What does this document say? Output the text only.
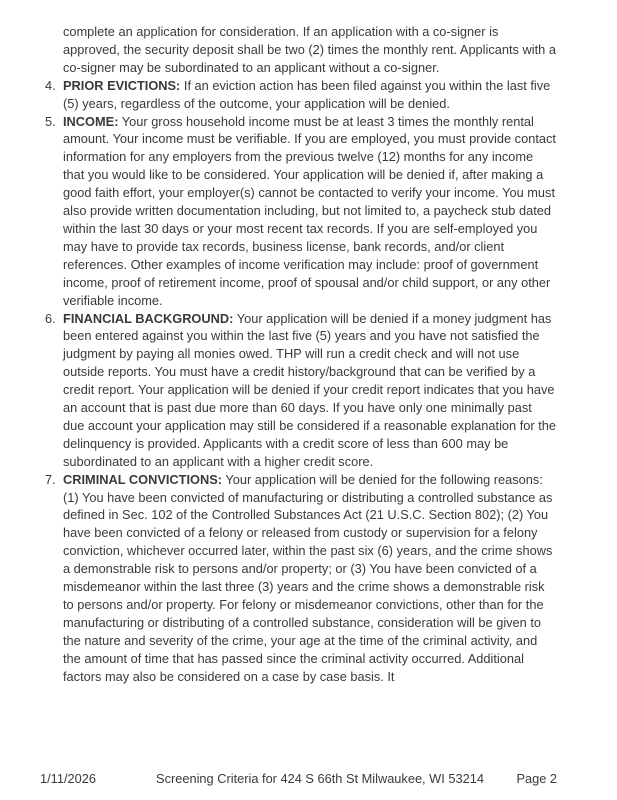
complete an application for consideration. If an application with a co-signer is approved, the security deposit shall be two (2) times the monthly rent. Applicants with a co-signer may be subordinated to an applicant without a co-signer.

4. PRIOR EVICTIONS: If an eviction action has been filed against you within the last five (5) years, regardless of the outcome, your application will be denied.
5. INCOME: Your gross household income must be at least 3 times the monthly rental amount. Your income must be verifiable. If you are employed, you must provide contact information for any employers from the previous twelve (12) months for any income that you would like to be considered. Your application will be denied if, after making a good faith effort, your employer(s) cannot be contacted to verify your income. You must also provide written documentation including, but not limited to, a paycheck stub dated within the last 30 days or your most recent tax records. If you are self-employed you may have to provide tax records, business license, bank records, and/or client references. Other examples of income verification may include: proof of government income, proof of retirement income, proof of spousal and/or child support, or any other verifiable income.
6. FINANCIAL BACKGROUND: Your application will be denied if a money judgment has been entered against you within the last five (5) years and you have not satisfied the judgment by paying all monies owed. THP will run a credit check and will not use outside reports. You must have a credit history/background that can be verified by a credit report. Your application will be denied if your credit report indicates that you have an account that is past due more than 60 days. If you have only one minimally past due account your application may still be considered if a reasonable explanation for the delinquency is provided. Applicants with a credit score of less than 600 may be subordinated to an applicant with a higher credit score.
7. CRIMINAL CONVICTIONS: Your application will be denied for the following reasons: (1) You have been convicted of manufacturing or distributing a controlled substance as defined in Sec. 102 of the Controlled Substances Act (21 U.S.C. Section 802); (2) You have been convicted of a felony or released from custody or supervision for a felony conviction, whichever occurred later, within the past six (6) years, and the crime shows a demonstrable risk to persons and/or property; or (3) You have been convicted of a misdemeanor within the last three (3) years and the crime shows a demonstrable risk to persons and/or property. For felony or misdemeanor convictions, other than for the manufacturing or distributing of a controlled substance, consideration will be given to the nature and severity of the crime, your age at the time of the criminal activity, and the amount of time that has passed since the criminal activity occurred. Additional factors may also be considered on a case by case basis. It
1/11/2026	Screening Criteria for 424 S 66th St Milwaukee, WI 53214	Page 2
